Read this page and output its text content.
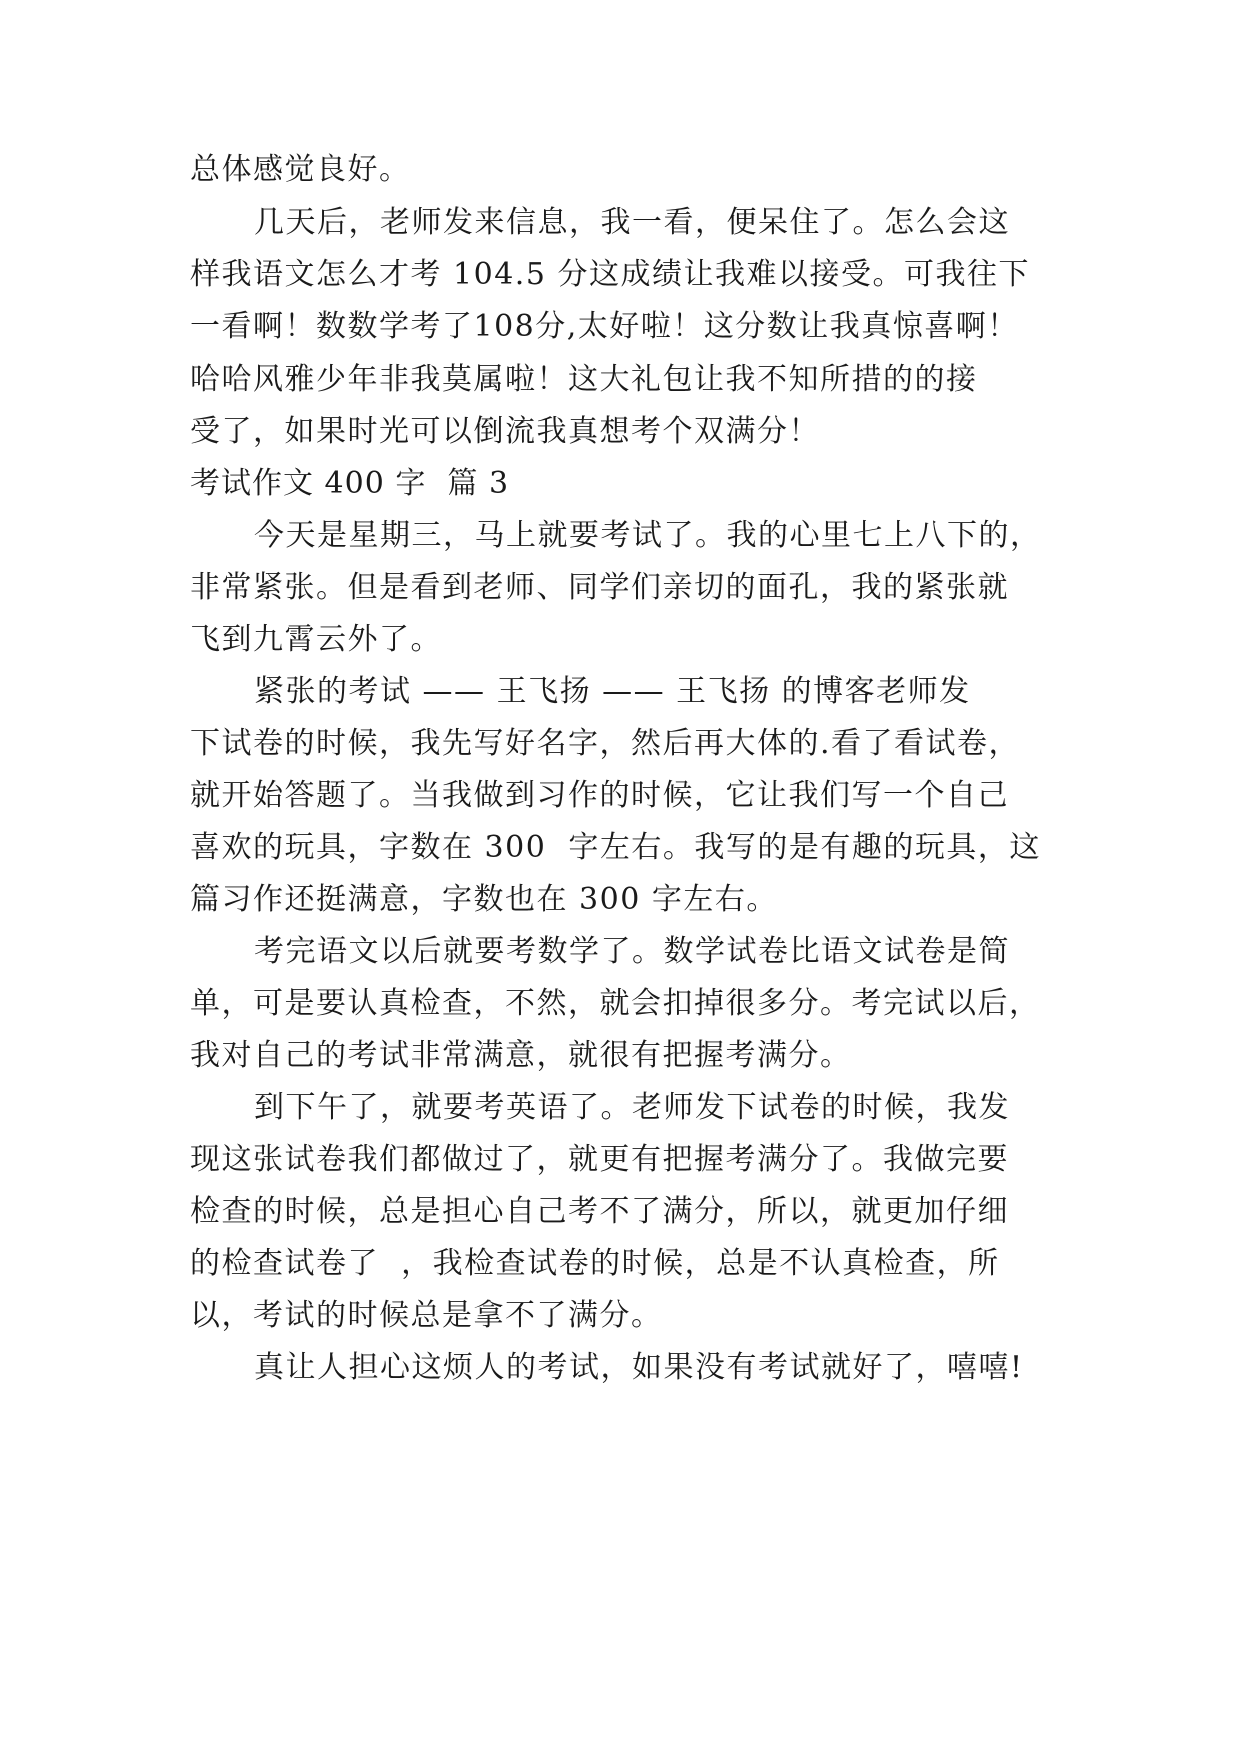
总体感觉良好。
几天后，老师发来信息，我一看，便呆住了。怎么会这
样我语文怎么才考 104.5 分这成绩让我难以接受。可我往下
一看啊！数数学考了108分,太好啦！这分数让我真惊喜啊！
哈哈风雅少年非我莫属啦！这大礼包让我不知所措的的接
受了，如果时光可以倒流我真想考个双满分！
考试作文 400 字  篇 3
今天是星期三，马上就要考试了。我的心里七上八下的，
非常紧张。但是看到老师、同学们亲切的面孔，我的紧张就
飞到九霄云外了。
紧张的考试 —— 王飞扬 —— 王飞扬 的博客老师发
下试卷的时候，我先写好名字，然后再大体的.看了看试卷，
就开始答题了。当我做到习作的时候，它让我们写一个自己
喜欢的玩具，字数在 300  字左右。我写的是有趣的玩具，这
篇习作还挺满意，字数也在 300 字左右。
考完语文以后就要考数学了。数学试卷比语文试卷是简
单，可是要认真检查，不然，就会扣掉很多分。考完试以后，
我对自己的考试非常满意，就很有把握考满分。
到下午了，就要考英语了。老师发下试卷的时候，我发
现这张试卷我们都做过了，就更有把握考满分了。我做完要
检查的时候，总是担心自己考不了满分，所以，就更加仔细
的检查试卷了  ，我检查试卷的时候，总是不认真检查，所
以，考试的时候总是拿不了满分。
真让人担心这烦人的考试，如果没有考试就好了，嘻嘻!
